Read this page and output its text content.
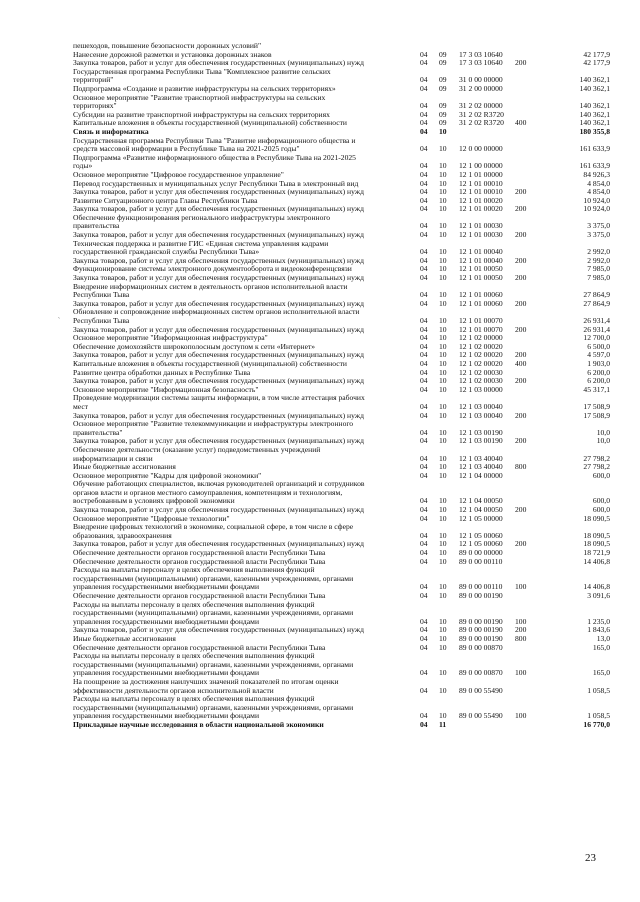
пешеходов, повышение безопасности дорожных условий"
Нанесение дорожной разметки и установка дорожных знаков	04	09	17 3 03 10640	42 177,9
Закупка товаров, работ и услуг для обеспечения государственных (муниципальных) нужд	04	09	17 3 03 10640	200	42 177,9
Государственная программа Республики Тыва "Комплексное развитие сельских
территорий"	04	09	31 0 00 00000	140 362,1
Подпрограмма «Создание и развитие инфраструктуры на сельских территориях»	04	09	31 2 00 00000	140 362,1
Основное мероприятие "Развитие транспортной инфраструктуры на сельских
территориях"	04	09	31 2 02 00000	140 362,1
Субсидии на развитие транспортной инфраструктуры на сельских территориях	04	09	31 2 02 R3720	140 362,1
Капитальные вложения в объекты государственной (муниципальной) собственности	04	09	31 2 02 R3720	400	140 362,1
Связь и информатика	04	10	180 355,8
Государственная программа Республики Тыва "Развитие информационного общества и
средств массовой информации в Республике Тыва на 2021-2025 годы"	04	10	12 0 00 00000	161 633,9
Подпрограмма «Развитие информационного общества в Республике Тыва на 2021-2025
годы»	04	10	12 1 00 00000	161 633,9
Основное мероприятие "Цифровое государственное управление"	04	10	12 1 01 00000	84 926,3
Перевод государственных и муниципальных услуг Республики Тыва в электронный вид	04	10	12 1 01 00010	4 854,0
Закупка товаров, работ и услуг для обеспечения государственных (муниципальных) нужд	04	10	12 1 01 00010	200	4 854,0
Развитие Ситуационного центра Главы Республики Тыва	04	10	12 1 01 00020	10 924,0
Закупка товаров, работ и услуг для обеспечения государственных (муниципальных) нужд	04	10	12 1 01 00020	200	10 924,0
Обеспечение функционирования регионального инфраструктуры электронного
правительства	04	10	12 1 01 00030	3 375,0
Закупка товаров, работ и услуг для обеспечения государственных (муниципальных) нужд	04	10	12 1 01 00030	200	3 375,0
Техническая поддержка и развитие ГИС «Единая система управления кадрами
государственной гражданской службы Республики Тыва»	04	10	12 1 01 00040	2 992,0
Закупка товаров, работ и услуг для обеспечения государственных (муниципальных) нужд	04	10	12 1 01 00040	200	2 992,0
Функционирование системы электронного документооборота и видеоконференцсвязи	04	10	12 1 01 00050	7 985,0
Закупка товаров, работ и услуг для обеспечения государственных (муниципальных) нужд	04	10	12 1 01 00050	200	7 985,0
Внедрение информационных систем в деятельность органов исполнительной власти
Республики Тыва	04	10	12 1 01 00060	27 864,9
Закупка товаров, работ и услуг для обеспечения государственных (муниципальных) нужд	04	10	12 1 01 00060	200	27 864,9
Обновление и сопровождение информационных систем органов исполнительной власти
Республики Тыва	04	10	12 1 01 00070	26 931,4
Закупка товаров, работ и услуг для обеспечения государственных (муниципальных) нужд	04	10	12 1 01 00070	200	26 931,4
Основное мероприятие "Информационная инфраструктура"	04	10	12 1 02 00000	12 700,0
Обеспечение домохозяйств широкополосным доступом к сети «Интернет»	04	10	12 1 02 00020	6 500,0
Закупка товаров, работ и услуг для обеспечения государственных (муниципальных) нужд	04	10	12 1 02 00020	200	4 597,0
Капитальные вложения в объекты государственной (муниципальной) собственности	04	10	12 1 02 00020	400	1 903,0
Развитие центра обработки данных в Республике Тыва	04	10	12 1 02 00030	6 200,0
Закупка товаров, работ и услуг для обеспечения государственных (муниципальных) нужд	04	10	12 1 02 00030	200	6 200,0
Основное мероприятие "Информационная безопасность"	04	10	12 1 03 00000	45 317,1
Проведение модернизации системы защиты информации, в том числе аттестация рабочих
мест	04	10	12 1 03 00040	17 508,9
Закупка товаров, работ и услуг для обеспечения государственных (муниципальных) нужд	04	10	12 1 03 00040	200	17 508,9
Основное мероприятие "Развитие телекоммуникации и инфраструктуры электронного
правительства"	04	10	12 1 03 00190	10,0
Закупка товаров, работ и услуг для обеспечения государственных (муниципальных) нужд	04	10	12 1 03 00190	200	10,0
Обеспечение деятельности (оказание услуг) подведомственных учреждений
информатизации и связи	04	10	12 1 03 40040	27 798,2
Иные бюджетные ассигнования	04	10	12 1 03 40040	800	27 798,2
Основное мероприятие "Кадры для цифровой экономики"	04	10	12 1 04 00000	600,0
Обучение работающих специалистов, включая руководителей организаций и сотрудников
органов власти и органов местного самоуправления, компетенциям и технологиям,
востребованным в условиях цифровой экономики	04	10	12 1 04 00050	600,0
Закупка товаров, работ и услуг для обеспечения государственных (муниципальных) нужд	04	10	12 1 04 00050	200	600,0
Основное мероприятие "Цифровые технологии"	04	10	12 1 05 00000	18 090,5
Внедрение цифровых технологий в экономике, социальной сфере, в том числе в сфере
образования, здравоохранения	04	10	12 1 05 00060	18 090,5
Закупка товаров, работ и услуг для обеспечения государственных (муниципальных) нужд	04	10	12 1 05 00060	200	18 090,5
Обеспечение деятельности органов государственной власти Республики Тыва	04	10	89 0 00 00000	18 721,9
Обеспечение деятельности органов государственной власти Республики Тыва	04	10	89 0 00 00110	14 406,8
Расходы на выплаты персоналу в целях обеспечения выполнения функций
государственными (муниципальными) органами, казенными учреждениями, органами
управления государственными внебюджетными фондами	04	10	89 0 00 00110	100	14 406,8
Обеспечение деятельности органов государственной власти Республики Тыва	04	10	89 0 00 00190	3 091,6
Расходы на выплаты персоналу в целях обеспечения выполнения функций
государственными (муниципальными) органами, казенными учреждениями, органами
управления государственными внебюджетными фондами	04	10	89 0 00 00190	100	1 235,0
Закупка товаров, работ и услуг для обеспечения государственных (муниципальных) нужд	04	10	89 0 00 00190	200	1 843,6
Иные бюджетные ассигнования	04	10	89 0 00 00190	800	13,0
Обеспечение деятельности органов государственной власти Республики Тыва	04	10	89 0 00 00870	165,0
Расходы на выплаты персоналу в целях обеспечения выполнения функций
государственными (муниципальными) органами, казенными учреждениями, органами
управления государственными внебюджетными фондами	04	10	89 0 00 00870	100	165,0
На поощрение за достижения наилучших значений показателей по итогам оценки
эффективности деятельности органов исполнительной власти	04	10	89 0 00 55490	1 058,5
Расходы на выплаты персоналу в целях обеспечения выполнения функций
государственными (муниципальными) органами, казенными учреждениями, органами
управления государственными внебюджетными фондами	04	10	89 0 00 55490	100	1 058,5
Прикладные научные исследования в области национальной экономики	04	11	16 770,0
`
23
